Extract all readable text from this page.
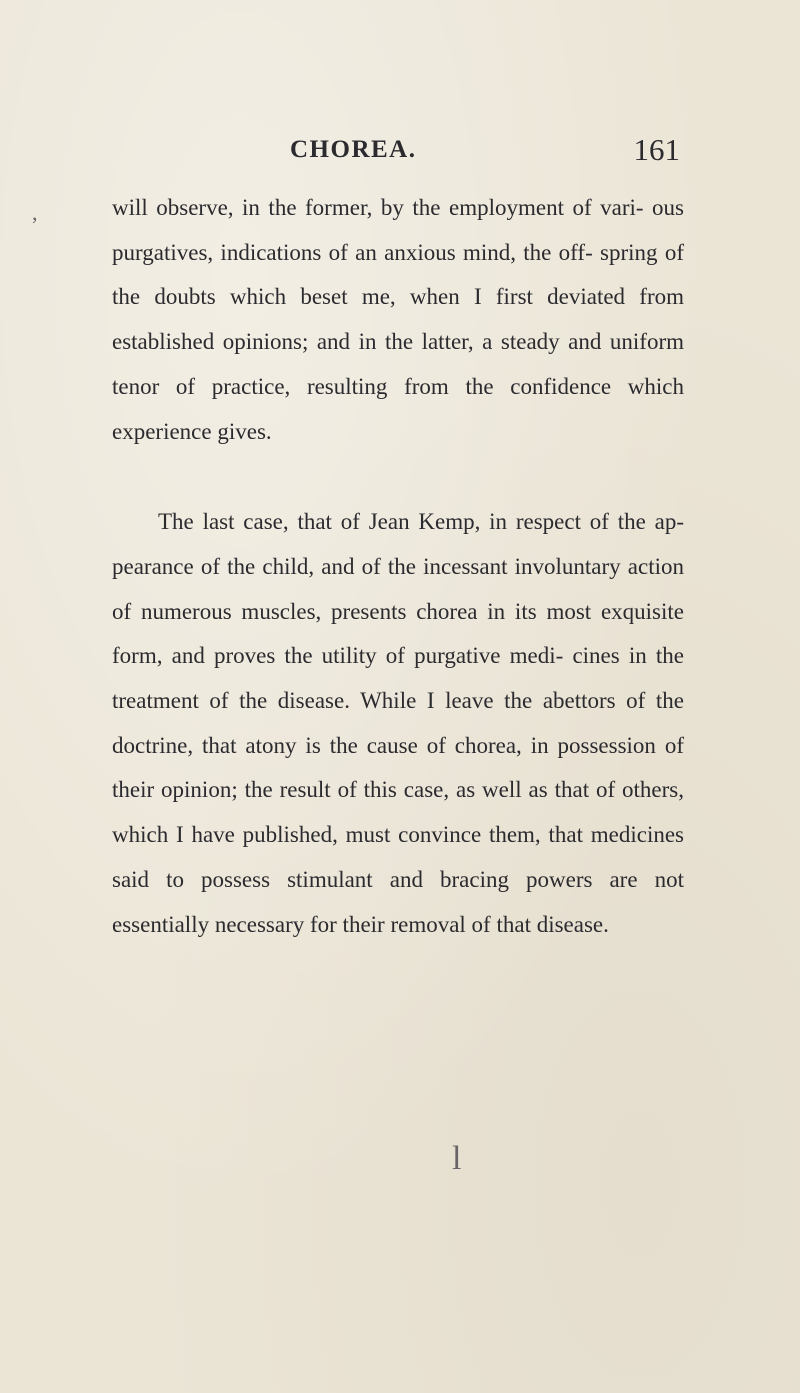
CHOREA.	161

will observe, in the former, by the employment of vari- ous purgatives, indications of an anxious mind, the off- spring of the doubts which beset me, when I first deviated from established opinions; and in the latter, a steady and uniform tenor of practice, resulting from the confidence which experience gives.

The last case, that of Jean Kemp, in respect of the ap- pearance of the child, and of the incessant involuntary action of numerous muscles, presents chorea in its most exquisite form, and proves the utility of purgative medi- cines in the treatment of the disease. While I leave the abettors of the doctrine, that atony is the cause of chorea, in possession of their opinion; the result of this case, as well as that of others, which I have published, must convince them, that medicines said to possess stimulant and bracing powers are not essentially necessary for their removal of that disease.

,
l
